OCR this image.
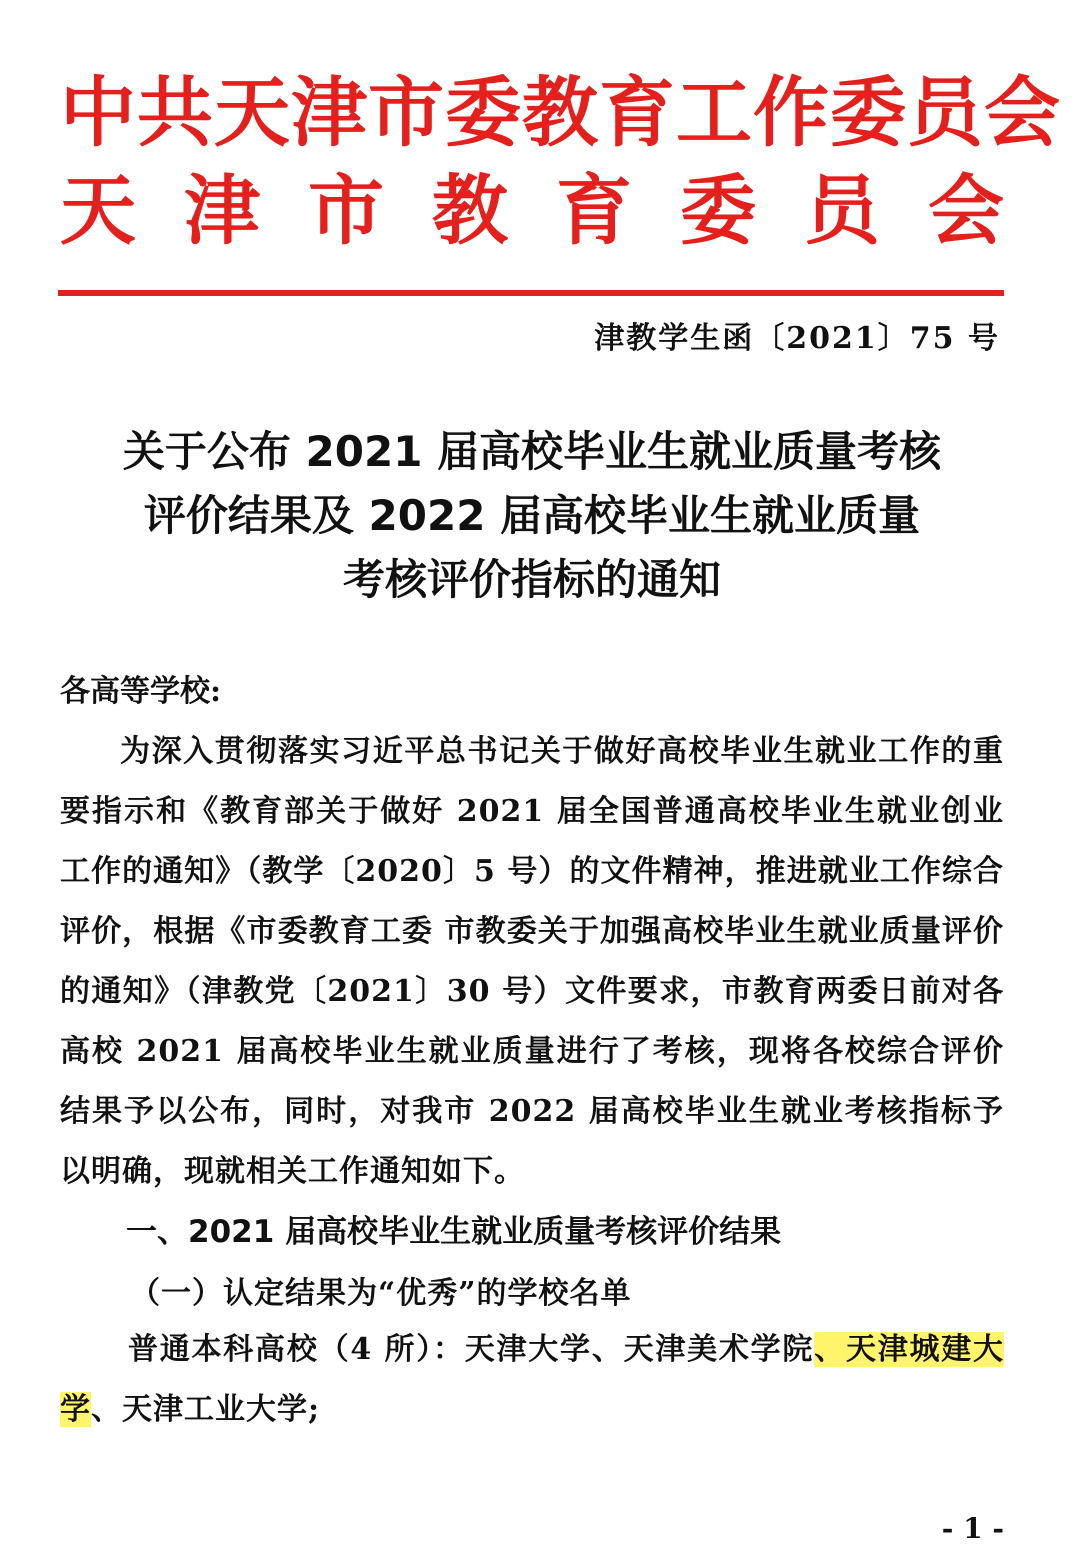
中共天津市委教育工作委员会
天 津 市 教 育 委 员 会
津教学生函〔2021〕75 号
关于公布 2021 届高校毕业生就业质量考核
评价结果及 2022 届高校毕业生就业质量
考核评价指标的通知
各高等学校:
为深入贯彻落实习近平总书记关于做好高校毕业生就业工作的重要指示和《教育部关于做好 2021 届全国普通高校毕业生就业创业工作的通知》（教学〔2020〕5 号）的文件精神，推进就业工作综合评价，根据《市委教育工委 市教委关于加强高校毕业生就业质量评价的通知》（津教党〔2021〕30 号）文件要求，市教育两委日前对各高校 2021 届高校毕业生就业质量进行了考核，现将各校综合评价结果予以公布，同时，对我市 2022 届高校毕业生就业考核指标予以明确，现就相关工作通知如下。
一、2021 届高校毕业生就业质量考核评价结果
（一）认定结果为“优秀”的学校名单
普通本科高校（4 所）：天津大学、天津美术学院、天津城建大学、天津工业大学;
- 1 -
